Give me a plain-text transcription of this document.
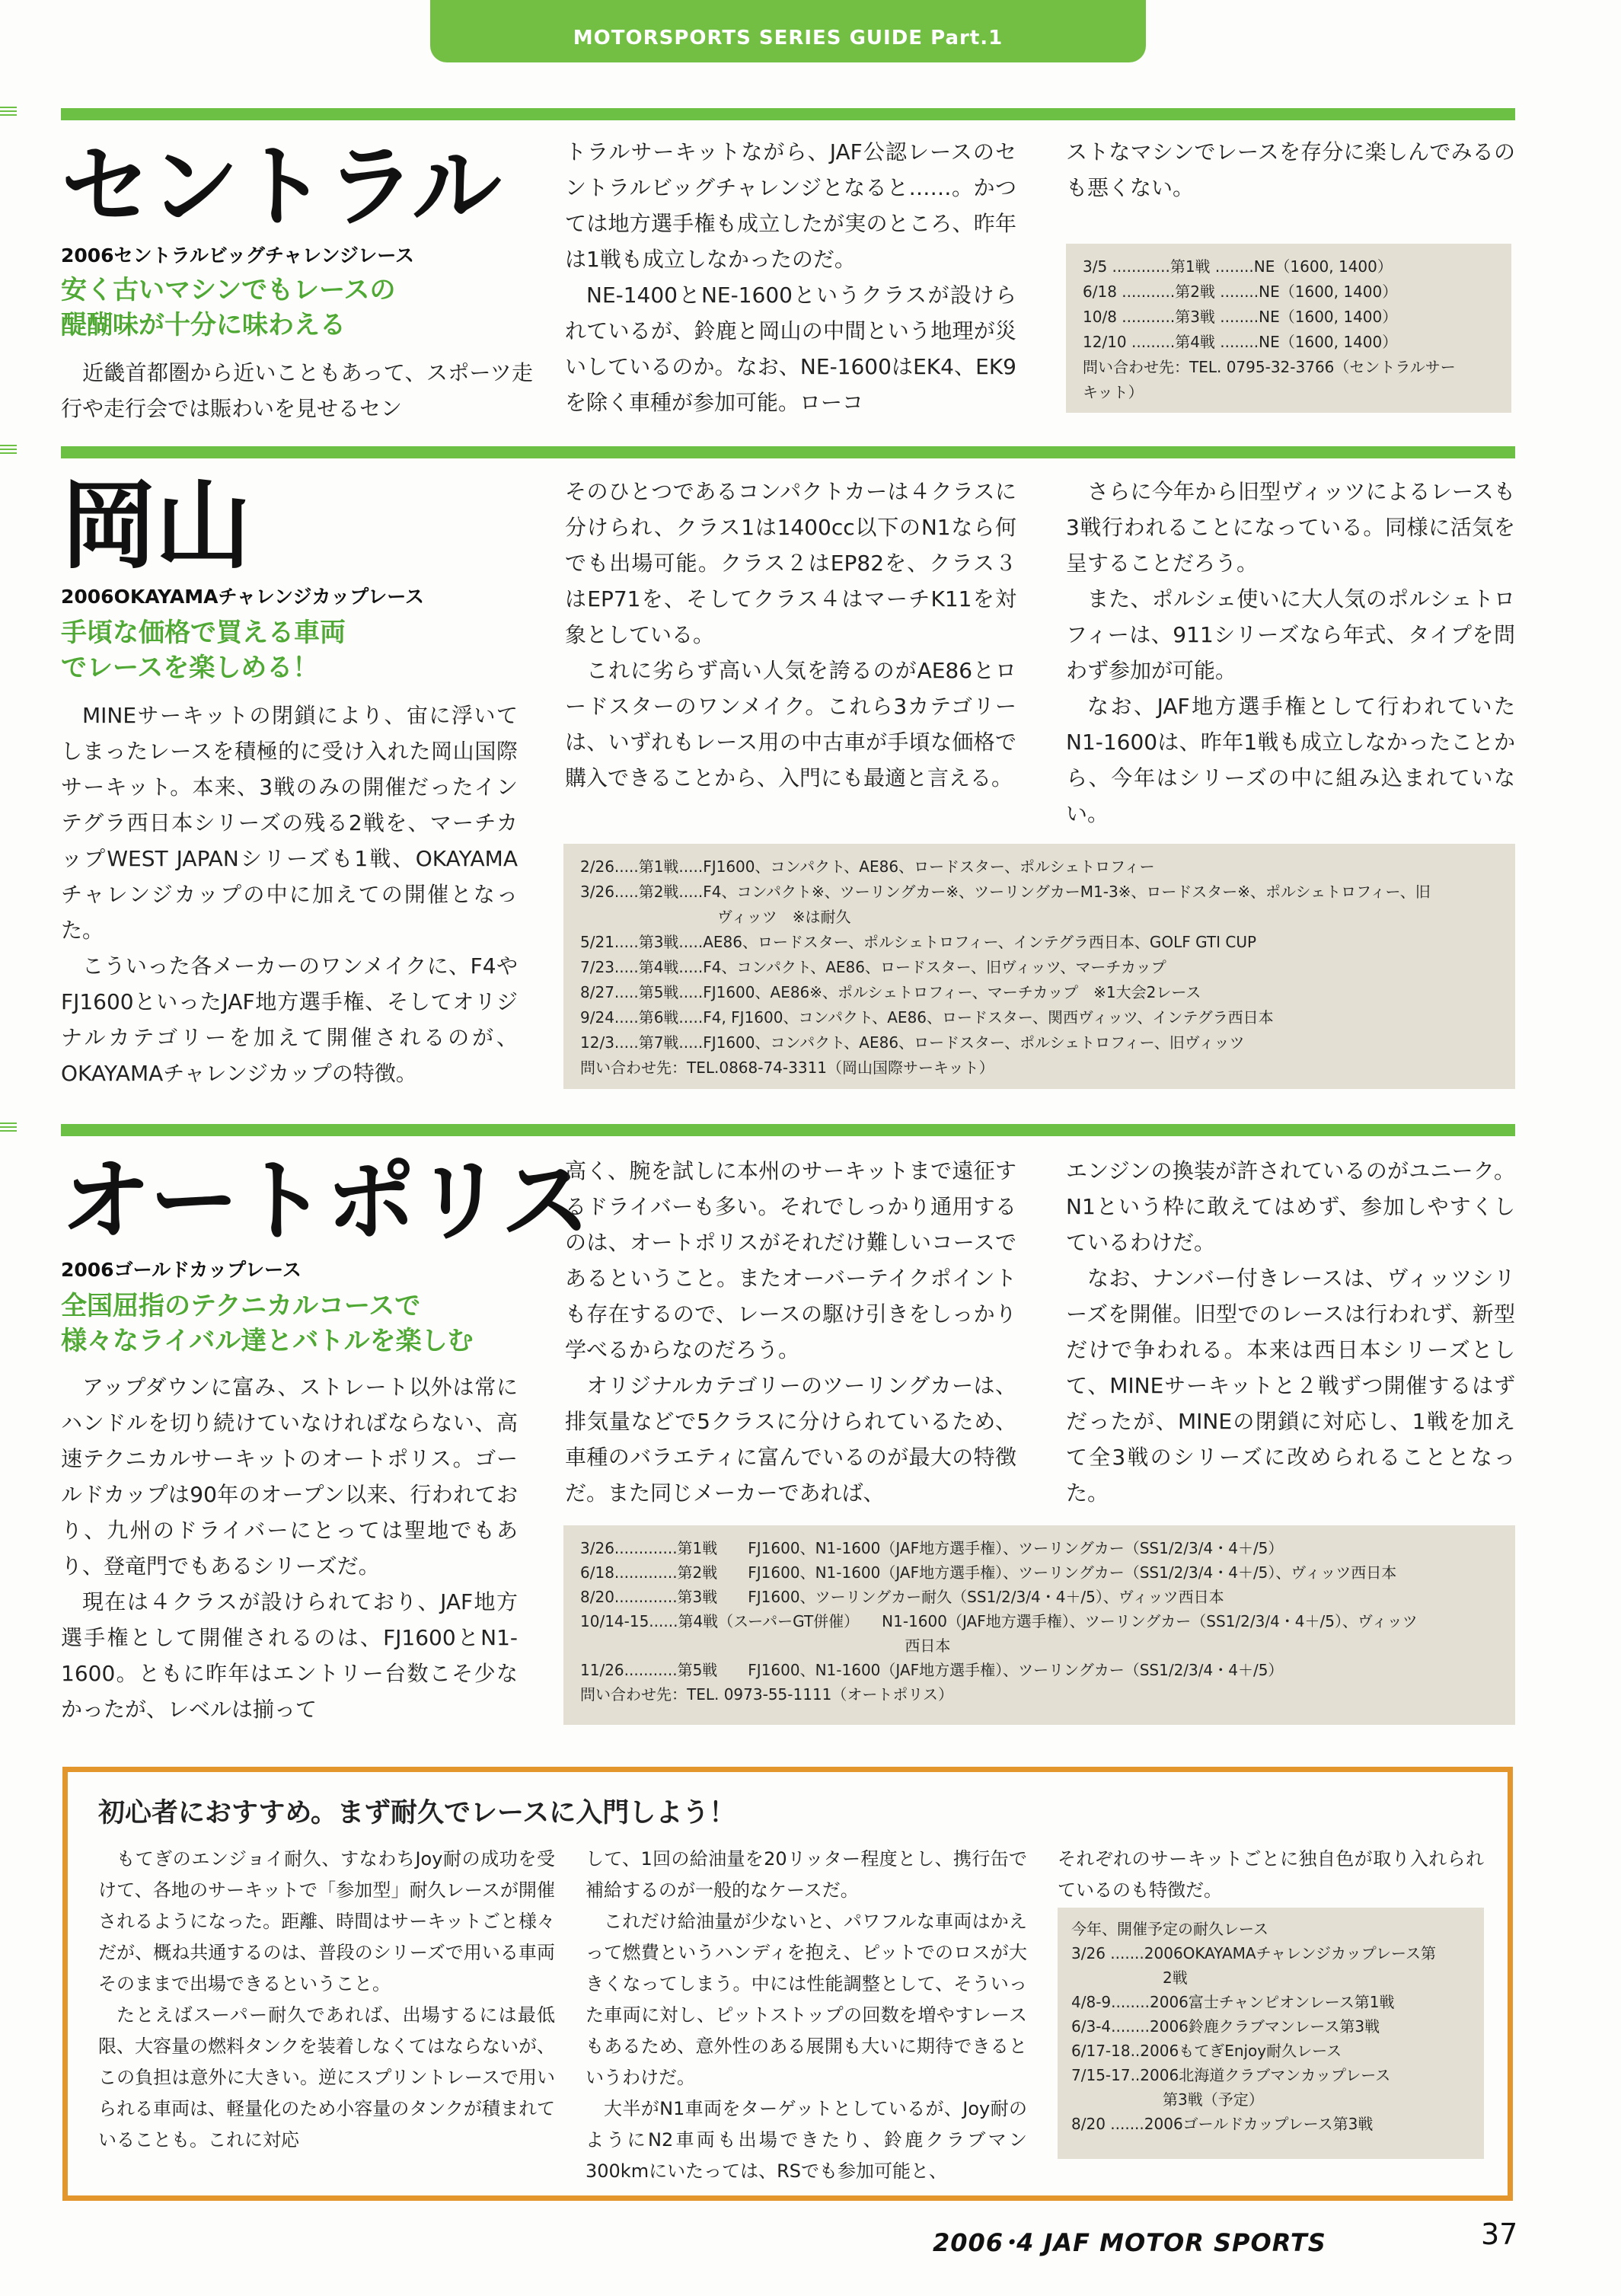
MOTORSPORTS SERIES GUIDE Part.1
セントラル
2006セントラルビッグチャレンジレース
安く古いマシンでもレースの
醍醐味が十分に味わえる

近畿首都圏から近いこともあって、スポーツ走行や走行会では賑わいを見せるセン

トラルサーキットながら、JAF公認レースのセントラルビッグチャレンジとなると……。かつては地方選手権も成立したが実のところ、昨年は1戦も成立しなかったのだ。

NE-1400とNE-1600というクラスが設けられているが、鈴鹿と岡山の中間という地理が災いしているのか。なお、NE-1600はEK4、EK9を除く車種が参加可能。ローコ

ストなマシンでレースを存分に楽しんでみるのも悪くない。

3/5 ............第1戦 ........NE（1600, 1400）
6/18 ...........第2戦 ........NE（1600, 1400）
10/8 ...........第3戦 ........NE（1600, 1400）
12/10 .........第4戦 ........NE（1600, 1400）
問い合わせ先：TEL. 0795-32-3766（セントラルサー
キット）
岡山
2006OKAYAMAチャレンジカップレース
手頃な価格で買える車両
でレースを楽しめる！

MINEサーキットの閉鎖により、宙に浮いてしまったレースを積極的に受け入れた岡山国際サーキット。本来、3戦のみの開催だったインテグラ西日本シリーズの残る2戦を、マーチカップWEST JAPANシリーズも1戦、OKAYAMAチャレンジカップの中に加えての開催となった。

こういった各メーカーのワンメイクに、F4やFJ1600といったJAF地方選手権、そしてオリジナルカテゴリーを加えて開催されるのが、OKAYAMAチャレンジカップの特徴。

そのひとつであるコンパクトカーは４クラスに分けられ、クラス1は1400cc以下のN1なら何でも出場可能。クラス２はEP82を、クラス３はEP71を、そしてクラス４はマーチK11を対象としている。

これに劣らず高い人気を誇るのがAE86とロードスターのワンメイク。これら3カテゴリーは、いずれもレース用の中古車が手頃な価格で購入できることから、入門にも最適と言える。

さらに今年から旧型ヴィッツによるレースも3戦行われることになっている。同様に活気を呈することだろう。

また、ポルシェ使いに大人気のポルシェトロフィーは、911シリーズなら年式、タイプを問わず参加が可能。

なお、JAF地方選手権として行われていたN1-1600は、昨年1戦も成立しなかったことから、今年はシリーズの中に組み込まれていない。

2/26.....第1戦.....FJ1600、コンパクト、AE86、ロードスター、ポルシェトロフィー
3/26.....第2戦.....F4、コンパクト※、ツーリングカー※、ツーリングカーM1-3※、ロードスター※、ポルシェトロフィー、旧
　　　　　　　　　ヴィッツ　※は耐久
5/21.....第3戦.....AE86、ロードスター、ポルシェトロフィー、インテグラ西日本、GOLF GTI CUP
7/23.....第4戦.....F4、コンパクト、AE86、ロードスター、旧ヴィッツ、マーチカップ
8/27.....第5戦.....FJ1600、AE86※、ポルシェトロフィー、マーチカップ　※1大会2レース
9/24.....第6戦.....F4, FJ1600、コンパクト、AE86、ロードスター、関西ヴィッツ、インテグラ西日本
12/3.....第7戦.....FJ1600、コンパクト、AE86、ロードスター、ポルシェトロフィー、旧ヴィッツ
問い合わせ先：TEL.0868-74-3311（岡山国際サーキット）
オートポリス
2006ゴールドカップレース
全国屈指のテクニカルコースで
様々なライバル達とバトルを楽しむ

アップダウンに富み、ストレート以外は常にハンドルを切り続けていなければならない、高速テクニカルサーキットのオートポリス。ゴールドカップは90年のオープン以来、行われており、九州のドライバーにとっては聖地でもあり、登竜門でもあるシリーズだ。

現在は４クラスが設けられており、JAF地方選手権として開催されるのは、FJ1600とN1-1600。ともに昨年はエントリー台数こそ少なかったが、レベルは揃って

高く、腕を試しに本州のサーキットまで遠征するドライバーも多い。それでしっかり通用するのは、オートポリスがそれだけ難しいコースであるということ。またオーバーテイクポイントも存在するので、レースの駆け引きをしっかり学べるからなのだろう。

オリジナルカテゴリーのツーリングカーは、排気量などで5クラスに分けられているため、車種のバラエティに富んでいるのが最大の特徴だ。また同じメーカーであれば、

エンジンの換装が許されているのがユニーク。N1という枠に敢えてはめず、参加しやすくしているわけだ。

なお、ナンバー付きレースは、ヴィッツシリーズを開催。旧型でのレースは行われず、新型だけで争われる。本来は西日本シリーズとして、MINEサーキットと２戦ずつ開催するはずだったが、MINEの閉鎖に対応し、1戦を加えて全3戦のシリーズに改められることとなった。

3/26.............第1戦　　FJ1600、N1-1600（JAF地方選手権）、ツーリングカー（SS1/2/3/4・4＋/5）
6/18.............第2戦　　FJ1600、N1-1600（JAF地方選手権）、ツーリングカー（SS1/2/3/4・4＋/5）、ヴィッツ西日本
8/20.............第3戦　　FJ1600、ツーリングカー耐久（SS1/2/3/4・4＋/5）、ヴィッツ西日本
10/14-15......第4戦（スーパーGT併催）　　N1-1600（JAF地方選手権）、ツーリングカー（SS1/2/3/4・4＋/5）、ヴィッツ
　　　　　　　　　　　　　　　　　　　　　 西日本
11/26...........第5戦　　FJ1600、N1-1600（JAF地方選手権）、ツーリングカー（SS1/2/3/4・4＋/5）
問い合わせ先：TEL. 0973-55-1111（オートポリス）
初心者におすすめ。まず耐久でレースに入門しよう！

もてぎのエンジョイ耐久、すなわちJoy耐の成功を受けて、各地のサーキットで「参加型」耐久レースが開催されるようになった。距離、時間はサーキットごと様々だが、概ね共通するのは、普段のシリーズで用いる車両そのままで出場できるということ。

たとえばスーパー耐久であれば、出場するには最低限、大容量の燃料タンクを装着しなくてはならないが、この負担は意外に大きい。逆にスプリントレースで用いられる車両は、軽量化のため小容量のタンクが積まれていることも。これに対応

して、1回の給油量を20リッター程度とし、携行缶で補給するのが一般的なケースだ。

これだけ給油量が少ないと、パワフルな車両はかえって燃費というハンディを抱え、ピットでのロスが大きくなってしまう。中には性能調整として、そういった車両に対し、ピットストップの回数を増やすレースもあるため、意外性のある展開も大いに期待できるというわけだ。

大半がN1車両をターゲットとしているが、Joy耐のようにN2車両も出場できたり、鈴鹿クラブマン300kmにいたっては、RSでも参加可能と、

それぞれのサーキットごとに独自色が取り入れられているのも特徴だ。

今年、開催予定の耐久レース
3/26 .......2006OKAYAMAチャレンジカップレース第
　　　　　　2戦
4/8-9........2006富士チャンピオンレース第1戦
6/3-4........2006鈴鹿クラブマンレース第3戦
6/17-18..2006もてぎEnjoy耐久レース
7/15-17..2006北海道クラブマンカップレース
　　　　　　第3戦（予定）
8/20 .......2006ゴールドカップレース第3戦
2006･4 JAF MOTOR SPORTS	37
